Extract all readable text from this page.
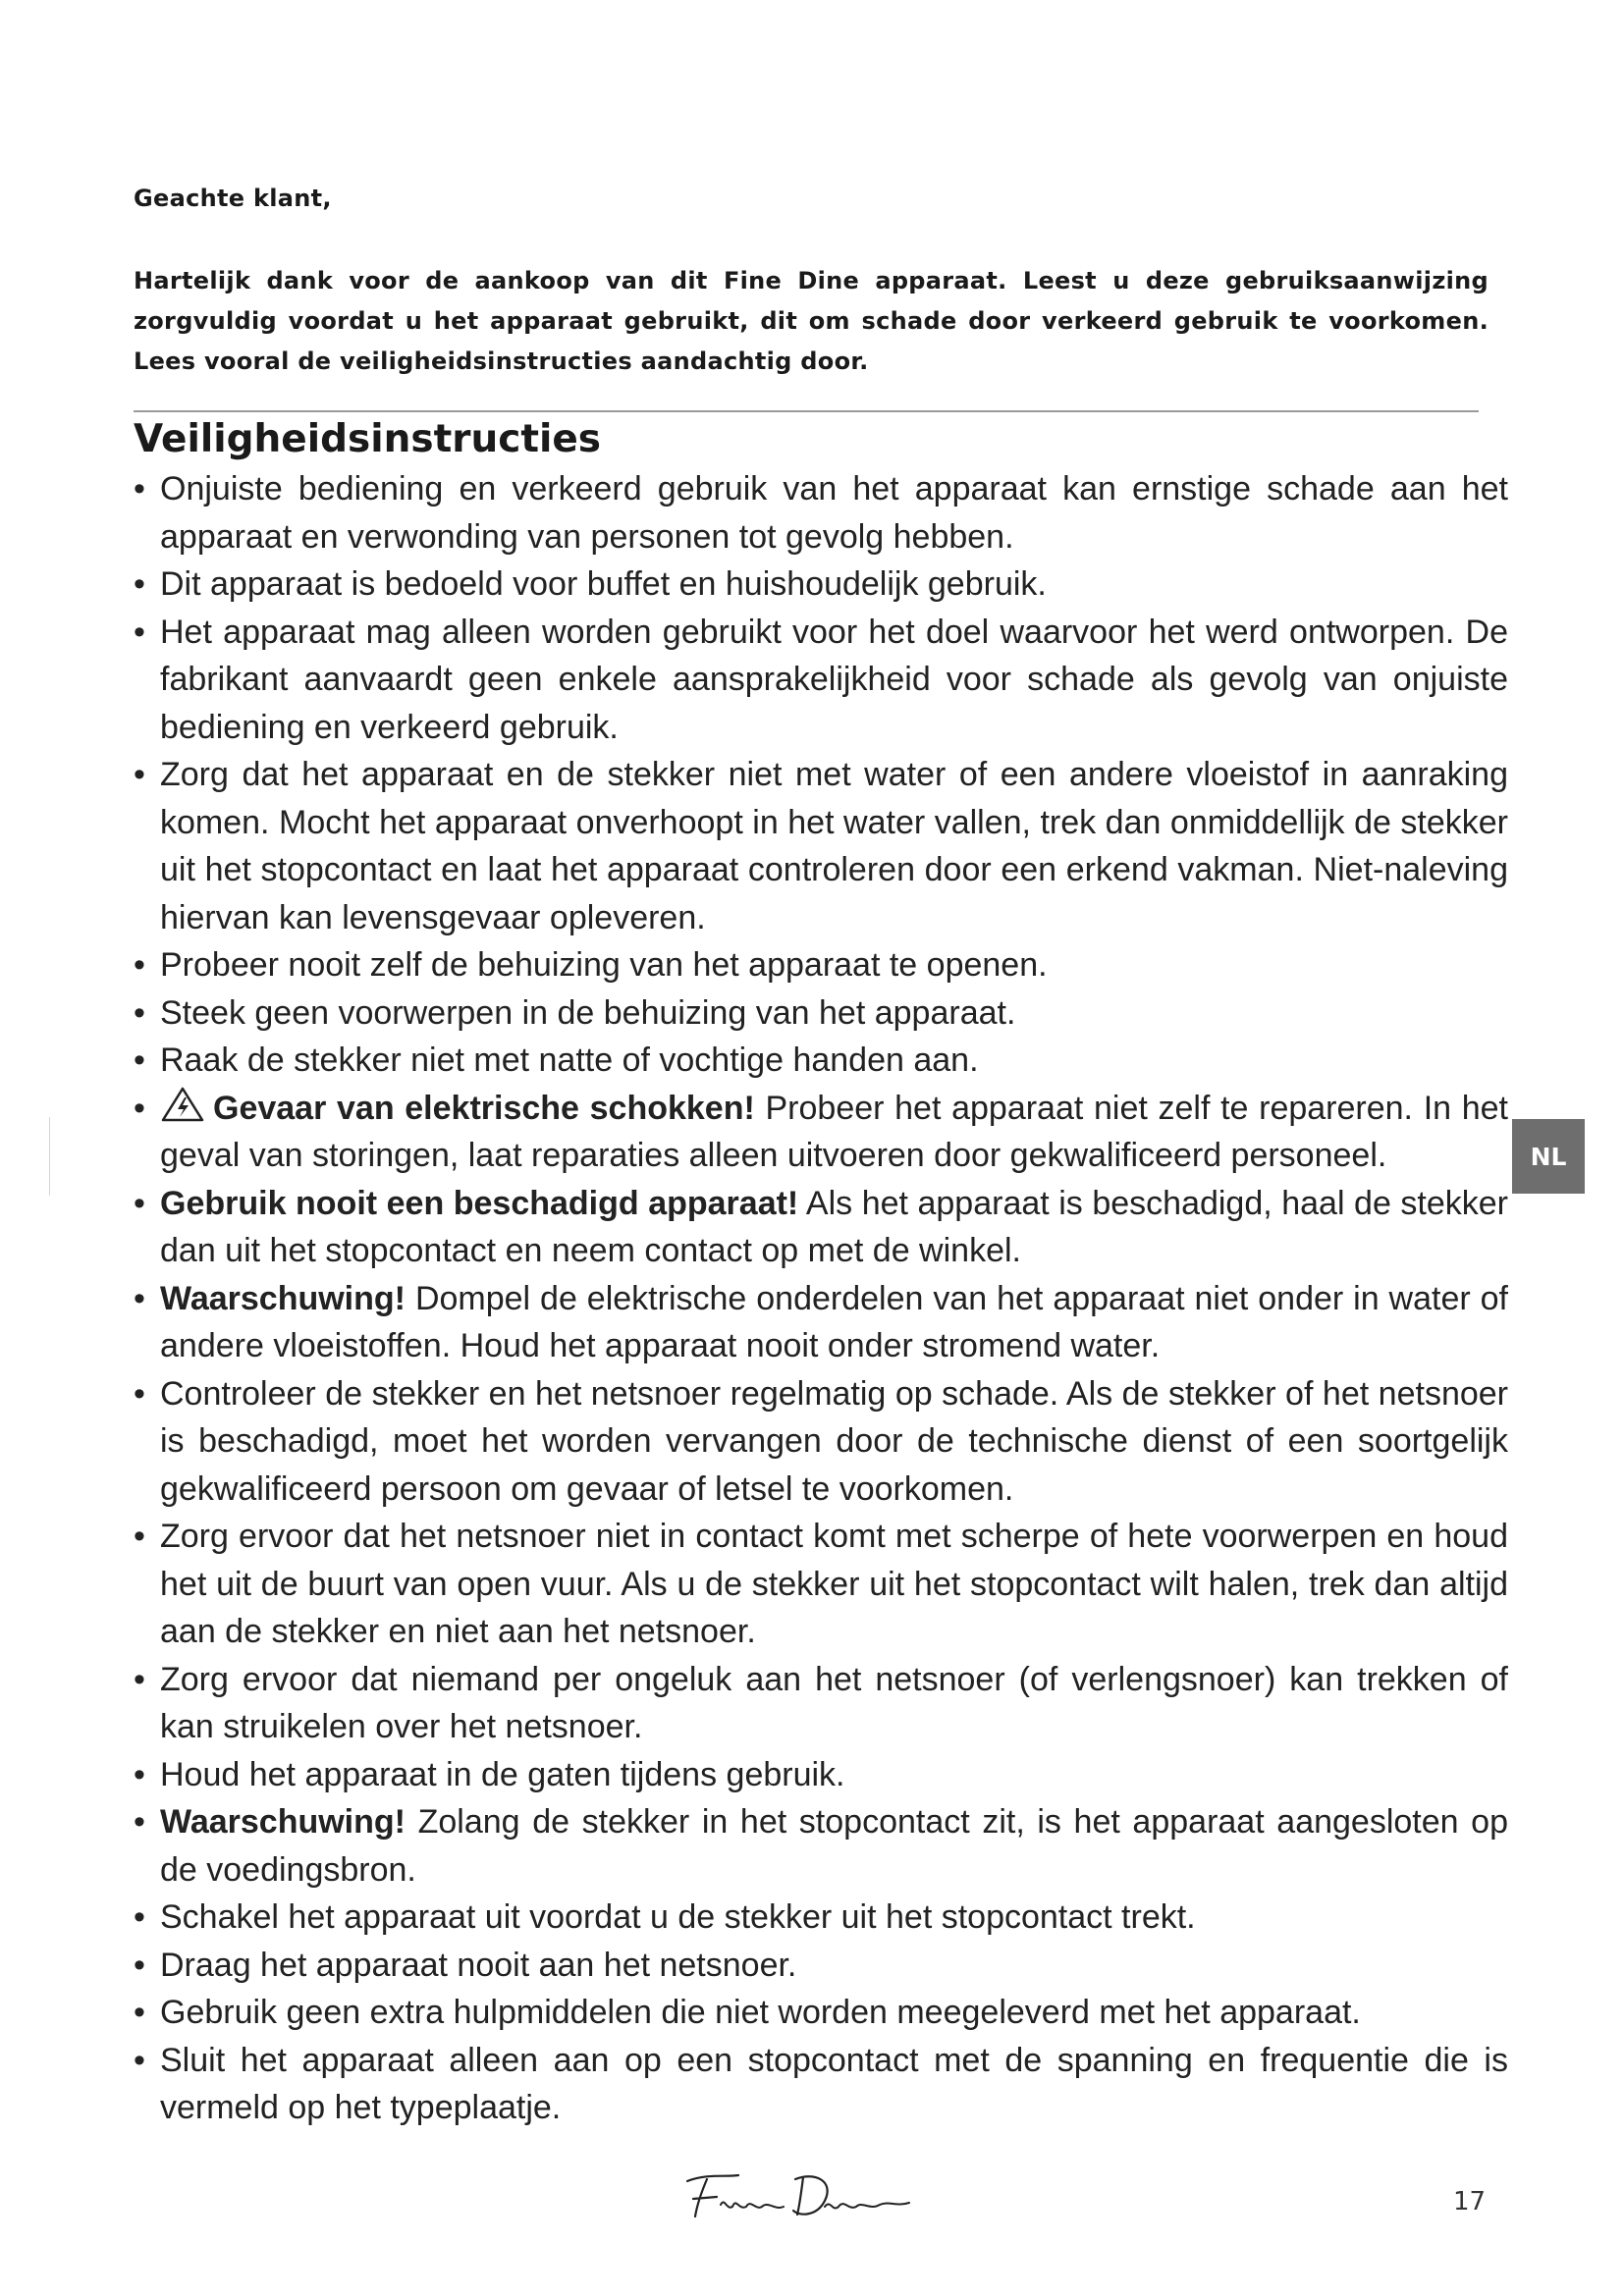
Geachte klant,
Hartelijk dank voor de aankoop van dit Fine Dine apparaat. Leest u deze gebruiksaanwijzing zorgvuldig voordat u het apparaat gebruikt, dit om schade door verkeerd gebruik te voorkomen. Lees vooral de veiligheidsinstructies aandachtig door.
Veiligheidsinstructies
• Onjuiste bediening en verkeerd gebruik van het apparaat kan ernstige schade aan het apparaat en verwonding van personen tot gevolg hebben.
• Dit apparaat is bedoeld voor buffet en huishoudelijk gebruik.
• Het apparaat mag alleen worden gebruikt voor het doel waarvoor het werd ontworpen. De fabrikant aanvaardt geen enkele aansprakelijkheid voor schade als gevolg van onjuiste bediening en verkeerd gebruik.
• Zorg dat het apparaat en de stekker niet met water of een andere vloeistof in aanraking komen. Mocht het apparaat onverhoopt in het water vallen, trek dan onmiddellijk de stekker uit het stopcontact en laat het apparaat controleren door een erkend vakman. Niet-naleving hiervan kan levensgevaar opleveren.
• Probeer nooit zelf de behuizing van het apparaat te openen.
• Steek geen voorwerpen in de behuizing van het apparaat.
• Raak de stekker niet met natte of vochtige handen aan.
• Gevaar van elektrische schokken! Probeer het apparaat niet zelf te repareren. In het geval van storingen, laat reparaties alleen uitvoeren door gekwalificeerd personeel.
• Gebruik nooit een beschadigd apparaat! Als het apparaat is beschadigd, haal de stekker dan uit het stopcontact en neem contact op met de winkel.
• Waarschuwing! Dompel de elektrische onderdelen van het apparaat niet onder in water of andere vloeistoffen. Houd het apparaat nooit onder stromend water.
• Controleer de stekker en het netsnoer regelmatig op schade. Als de stekker of het netsnoer is beschadigd, moet het worden vervangen door de technische dienst of een soortgelijk gekwalificeerd persoon om gevaar of letsel te voorkomen.
• Zorg ervoor dat het netsnoer niet in contact komt met scherpe of hete voorwerpen en houd het uit de buurt van open vuur. Als u de stekker uit het stopcontact wilt halen, trek dan altijd aan de stekker en niet aan het netsnoer.
• Zorg ervoor dat niemand per ongeluk aan het netsnoer (of verlengsnoer) kan trekken of kan struikelen over het netsnoer.
• Houd het apparaat in de gaten tijdens gebruik.
• Waarschuwing! Zolang de stekker in het stopcontact zit, is het apparaat aangesloten op de voedingsbron.
• Schakel het apparaat uit voordat u de stekker uit het stopcontact trekt.
• Draag het apparaat nooit aan het netsnoer.
• Gebruik geen extra hulpmiddelen die niet worden meegeleverd met het apparaat.
• Sluit het apparaat alleen aan op een stopcontact met de spanning en frequentie die is vermeld op het typeplaatje.
NL
17
